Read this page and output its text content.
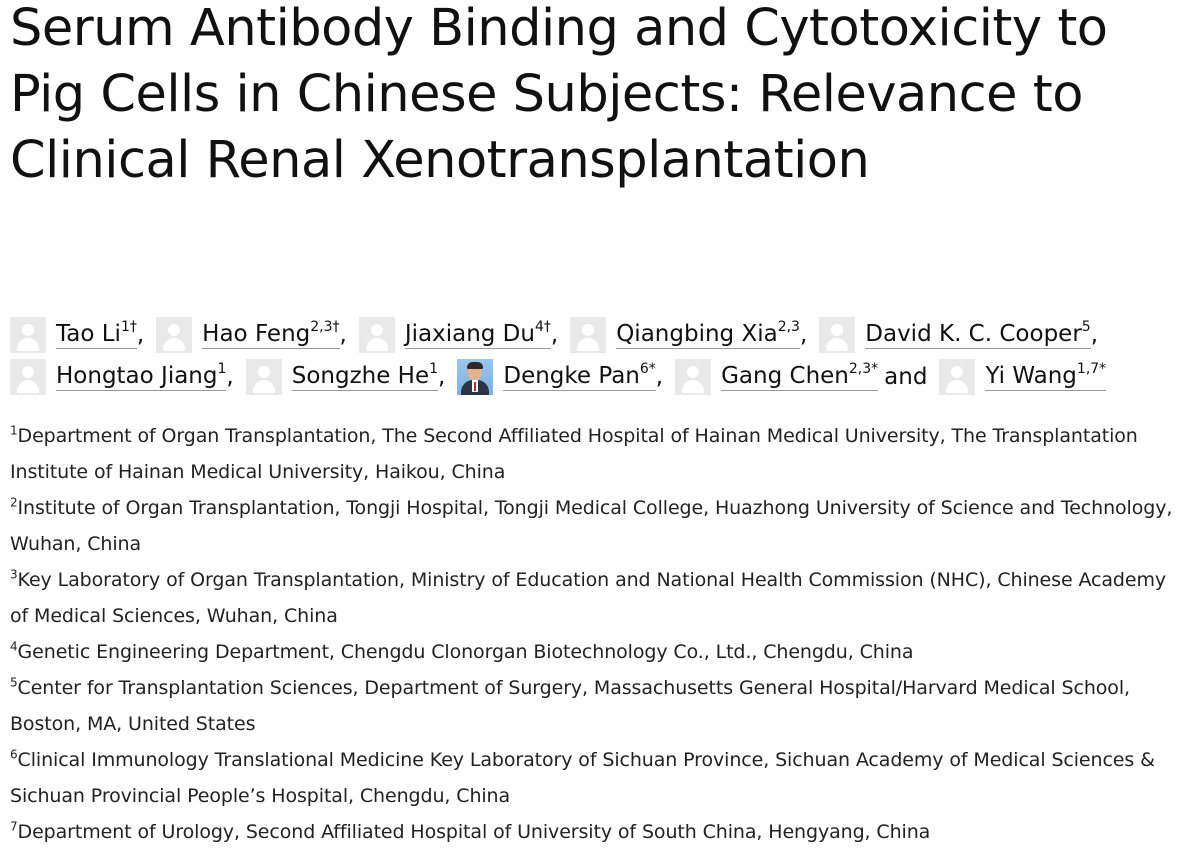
Serum Antibody Binding and Cytotoxicity to Pig Cells in Chinese Subjects: Relevance to Clinical Renal Xenotransplantation
Tao $Li^{1\dagger}$ ,	Hao Feng$^{2,3\dagger}$ ,	Jiaxiang $Du^{4\dagger}$ ,	Qiangbing Xia$^{2,3}$ ,	David K. C. Cooper$^5$ ,
Hongtao Jiang$^1$ ,	Songzhe He$^1$ ,	Dengke Pan$^{6*}$ ,	Gang Chen$^{2,3*}$ and	Yi Wang$^{1,7*}$

$^1$Department of Organ Transplantation, The Second Affiliated Hospital of Hainan Medical University, The Transplantation Institute of Hainan Medical University, Haikou, China

$^2$Institute of Organ Transplantation, Tongji Hospital, Tongji Medical College, Huazhong University of Science and Technology, Wuhan, China

$^3$Key Laboratory of Organ Transplantation, Ministry of Education and National Health Commission (NHC), Chinese Academy of Medical Sciences, Wuhan, China

$^4$Genetic Engineering Department, Chengdu Clonorgan Biotechnology Co., Ltd., Chengdu, China

$^5$Center for Transplantation Sciences, Department of Surgery, Massachusetts General Hospital/Harvard Medical School, Boston, MA, United States

$^6$Clinical Immunology Translational Medicine Key Laboratory of Sichuan Province, Sichuan Academy of Medical Sciences & Sichuan Provincial People’s Hospital, Chengdu, China

$^7$Department of Urology, Second Affiliated Hospital of University of South China, Hengyang, China
